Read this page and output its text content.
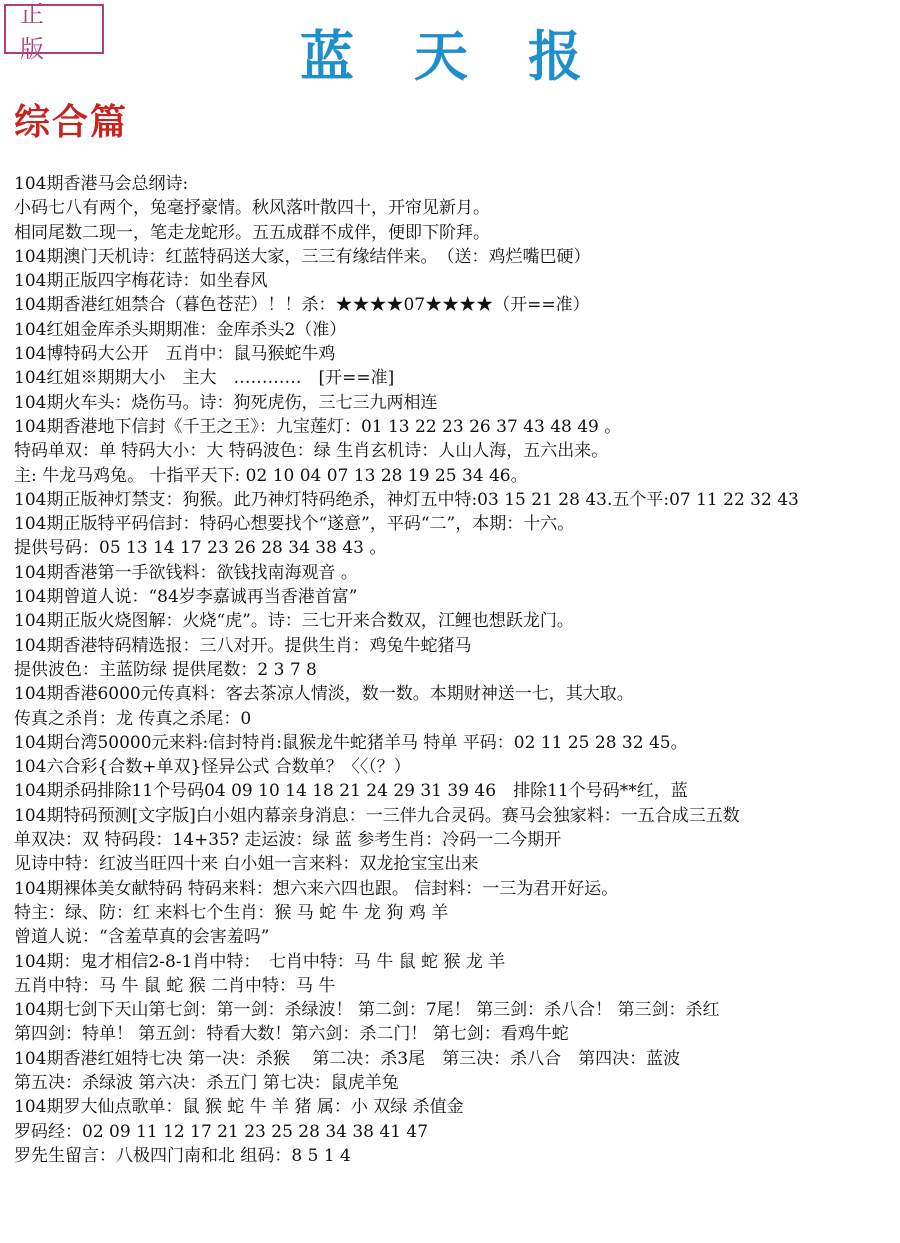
正 版	蓝天报
综合篇
104期香港马会总纲诗:
小码七八有两个，兔毫抒豪情。秋风落叶散四十，开帘见新月。
相同尾数二现一，笔走龙蛇形。五五成群不成伴，便即下阶拜。
104期澳门天机诗：红蓝特码送大家，三三有缘结伴来。　（送：鸡烂嘴巴硬）
104期正版四字梅花诗：如坐春风
104期香港红姐禁合（暮色苍茫）！！杀：★★★★07★★★★（开==准）
104红姐金库杀头期期准：金库杀头2（准）
104博特码大公开　五肖中：鼠马猴蛇牛鸡
104红姐※期期大小　主大　…………　[开==准]
104期火车头：烧伤马。诗：狗死虎伤，三七三九两相连
104期香港地下信封《千王之王》：九宝莲灯：01 13 22 23 26 37 43 48 49 。
特码单双：单 特码大小：大 特码波色：绿 生肖玄机诗：人山人海，五六出来。
主: 牛龙马鸡兔。 十指平天下: 02 10 04 07 13 28 19 25 34 46。
104期正版神灯禁支：狗猴。此乃神灯特码绝杀，神灯五中特:03 15 21 28 43.五个平:07 11 22 32 43
104期正版特平码信封：特码心想要找个“遂意”，平码“二”，本期：十六。
提供号码：05 13 14 17 23 26 28 34 38 43 。
104期香港第一手欲钱料：欲钱找南海观音 。
104期曾道人说：“84岁李嘉诚再当香港首富”
104期正版火烧图解：火烧“虎”。诗：三七开来合数双，江鲤也想跃龙门。
104期香港特码精选报：三八对开。提供生肖：鸡兔牛蛇猪马
提供波色：主蓝防绿 提供尾数：2 3 7 8
104期香港6000元传真料：客去茶凉人情淡，数一数。本期财神送一七，其大取。
传真之杀肖：龙 传真之杀尾：0
104期台湾50000元来料:信封特肖:鼠猴龙牛蛇猪羊马 特单 平码：02 11 25 28 32 45。
104六合彩{合数+单双}怪异公式 合数单？〈〈（？）
104期杀码排除11个号码04 09 10 14 18 21 24 29 31 39 46　排除11个号码**红，蓝
104期特码预测[文字版]白小姐内幕亲身消息：一三伴九合灵码。赛马会独家料：一五合成三五数
单双决：双 特码段：14+35? 走运波：绿 蓝 参考生肖：冷码一二今期开
见诗中特：红波当旺四十来 白小姐一言来料：双龙抢宝宝出来
104期裸体美女献特码 特码来料：想六来六四也跟。 信封料：一三为君开好运。
特主：绿、防：红 来料七个生肖：猴 马 蛇 牛 龙 狗 鸡 羊
曾道人说：“含羞草真的会害羞吗”
104期：鬼才相信2-8-1肖中特：　七肖中特：马 牛 鼠 蛇 猴 龙 羊
五肖中特：马 牛 鼠 蛇 猴 二肖中特：马 牛
104期七剑下天山第七剑：第一剑：杀绿波！ 第二剑：7尾！ 第三剑：杀八合！ 第三剑：杀红
第四剑：特单！ 第五剑：特看大数！第六剑：杀二门！ 第七剑：看鸡牛蛇
104期香港红姐特七决 第一决：杀猴　 第二决：杀3尾　第三决：杀八合　第四决：蓝波
第五决：杀绿波 第六决：杀五门 第七决：鼠虎羊兔
104期罗大仙点歌单：鼠 猴 蛇 牛 羊 猪 属：小 双绿 杀值金
罗码经：02 09 11 12 17 21 23 25 28 34 38 41 47
罗先生留言：八极四门南和北 组码：8 5 1 4
